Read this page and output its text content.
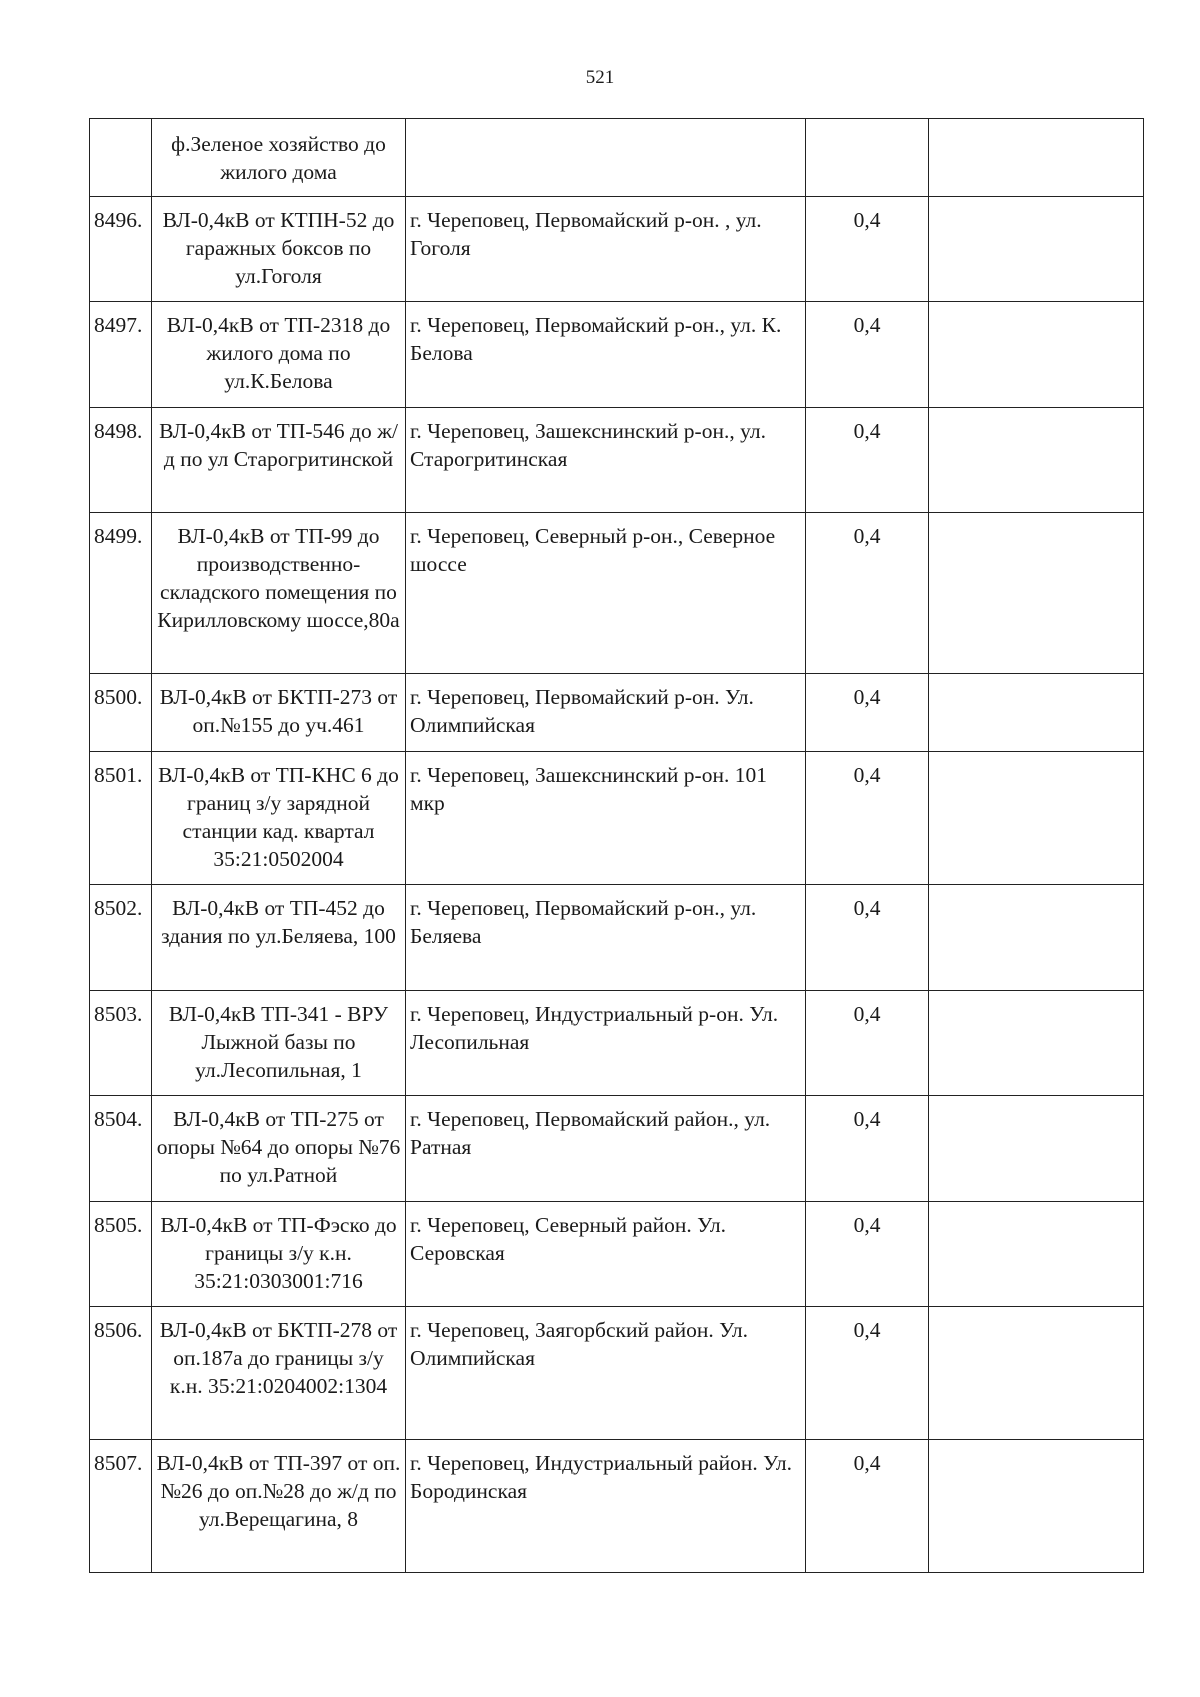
521
	ф.Зеленое хозяйство до жилого дома			
8496.	ВЛ-0,4кВ от КТПН-52 до гаражных боксов по ул.Гоголя	г. Череповец, Первомайский р-он. , ул. Гоголя	0,4	
8497.	ВЛ-0,4кВ от ТП-2318 до жилого дома по ул.К.Белова	г. Череповец, Первомайский р-он., ул. К. Белова	0,4	
8498.	ВЛ-0,4кВ от ТП-546 до ж/д по ул Старогритинской	г. Череповец, Зашекснинский р-он., ул. Старогритинская	0,4	
8499.	ВЛ-0,4кВ от ТП-99 до производственно-складского помещения по Кирилловскому шоссе,80а	г. Череповец, Северный р-он., Северное шоссе	0,4	
8500.	ВЛ-0,4кВ от БКТП-273 от оп.№155 до уч.461	г. Череповец, Первомайский р-он. Ул. Олимпийская	0,4	
8501.	ВЛ-0,4кВ от ТП-КНС 6 до границ з/у зарядной станции кад. квартал 35:21:0502004	г. Череповец, Зашекснинский р-он. 101 мкр	0,4	
8502.	ВЛ-0,4кВ от ТП-452 до здания по ул.Беляева, 100	г. Череповец, Первомайский р-он., ул. Беляева	0,4	
8503.	ВЛ-0,4кВ ТП-341 - ВРУ Лыжной базы по ул.Лесопильная, 1	г. Череповец, Индустриальный р-он. Ул. Лесопильная	0,4	
8504.	ВЛ-0,4кВ от ТП-275 от опоры №64 до опоры №76 по ул.Ратной	г. Череповец, Первомайский район., ул. Ратная	0,4	
8505.	ВЛ-0,4кВ от ТП-Фэско до границы з/у к.н. 35:21:0303001:716	г. Череповец, Северный район. Ул. Серовская	0,4	
8506.	ВЛ-0,4кВ от БКТП-278 от оп.187а до границы з/у к.н. 35:21:0204002:1304	г. Череповец, Заягорбский район. Ул. Олимпийская	0,4	
8507.	ВЛ-0,4кВ от ТП-397 от оп.№26 до оп.№28 до ж/д по ул.Верещагина, 8	г. Череповец, Индустриальный район. Ул. Бородинская	0,4	
